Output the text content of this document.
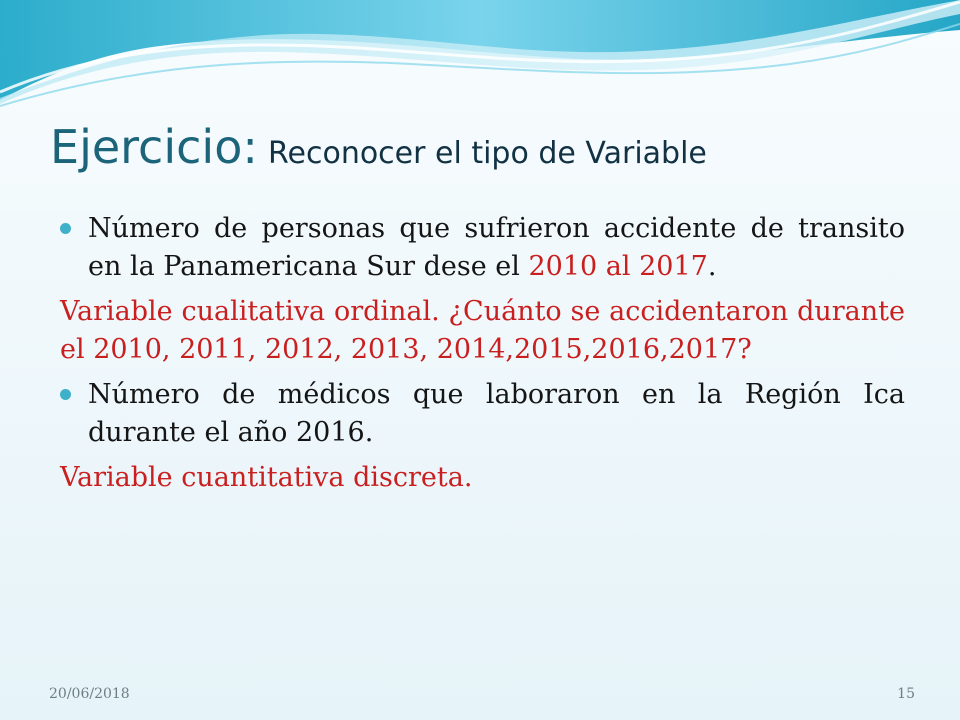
Ejercicio: Reconocer el tipo de Variable
Número de personas que sufrieron accidente de transito en la Panamericana Sur dese el 2010 al 2017.
Variable cualitativa ordinal. ¿Cuánto se accidentaron durante el 2010, 2011, 2012, 2013, 2014,2015,2016,2017?
Número de médicos que laboraron en la Región Ica durante el año 2016.
Variable cuantitativa discreta.
20/06/2018	15
